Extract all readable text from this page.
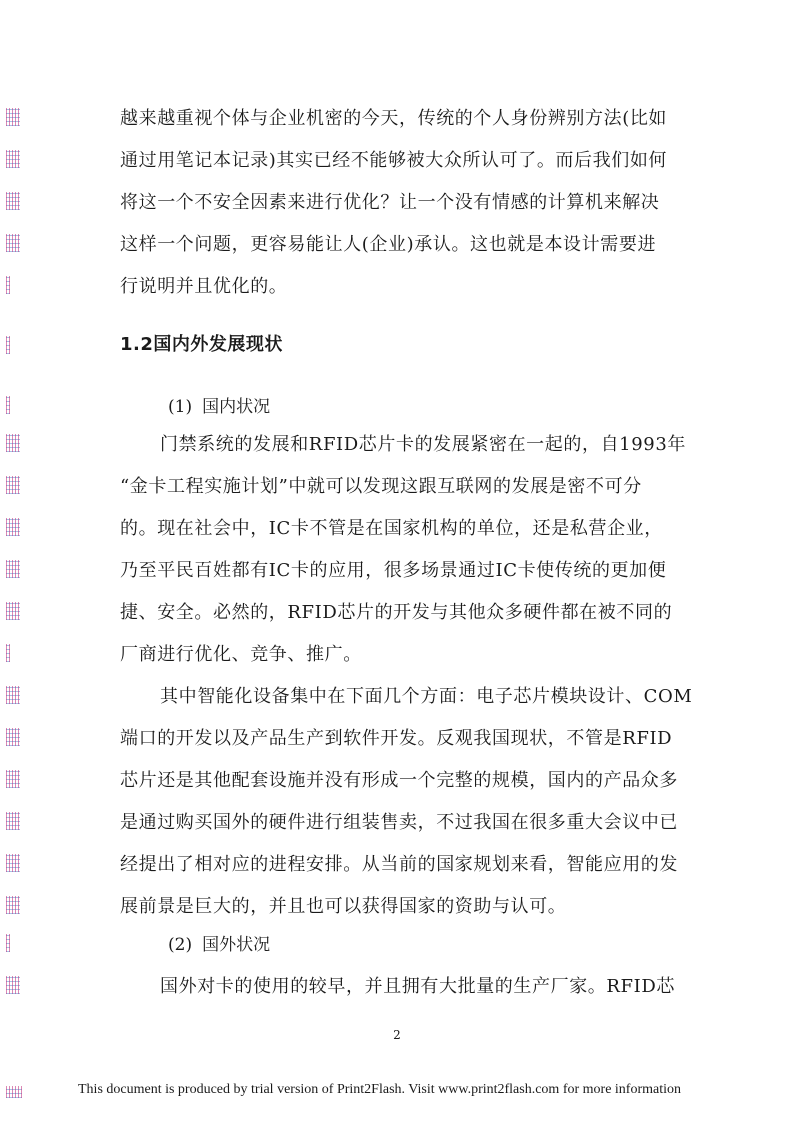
越来越重视个体与企业机密的今天，传统的个人身份辨别方法(比如
通过用笔记本记录)其实已经不能够被大众所认可了。而后我们如何
将这一个不安全因素来进行优化？让一个没有情感的计算机来解决
这样一个问题，更容易能让人(企业)承认。这也就是本设计需要进
行说明并且优化的。
1.2国内外发展现状
(1) 国内状况
门禁系统的发展和RFID芯片卡的发展紧密在一起的，自1993年
“金卡工程实施计划”中就可以发现这跟互联网的发展是密不可分
的。现在社会中，IC卡不管是在国家机构的单位，还是私营企业，
乃至平民百姓都有IC卡的应用，很多场景通过IC卡使传统的更加便
捷、安全。必然的，RFID芯片的开发与其他众多硬件都在被不同的
厂商进行优化、竞争、推广。
其中智能化设备集中在下面几个方面：电子芯片模块设计、COM
端口的开发以及产品生产到软件开发。反观我国现状，不管是RFID
芯片还是其他配套设施并没有形成一个完整的规模，国内的产品众多
是通过购买国外的硬件进行组装售卖，不过我国在很多重大会议中已
经提出了相对应的进程安排。从当前的国家规划来看，智能应用的发
展前景是巨大的，并且也可以获得国家的资助与认可。
(2) 国外状况
国外对卡的使用的较早，并且拥有大批量的生产厂家。RFID芯
2
This document is produced by trial version of Print2Flash. Visit www.print2flash.com for more information
